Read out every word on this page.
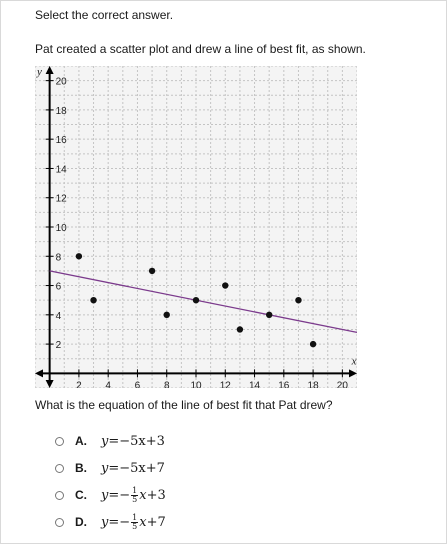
Select the correct answer.
Pat created a scatter plot and drew a line of best fit, as shown.
2 4 6 8 10 12 14 16 18 20
2
4
6
8
10
12
14
16
18
20
x
y
What is the equation of the line of best fit that Pat drew?
A.	y = −5x + 3
B.	y = −5x + 7
C.	y = − $\frac{1}{5}$ x + 3
D.	y = − $\frac{1}{5}$ x + 7
